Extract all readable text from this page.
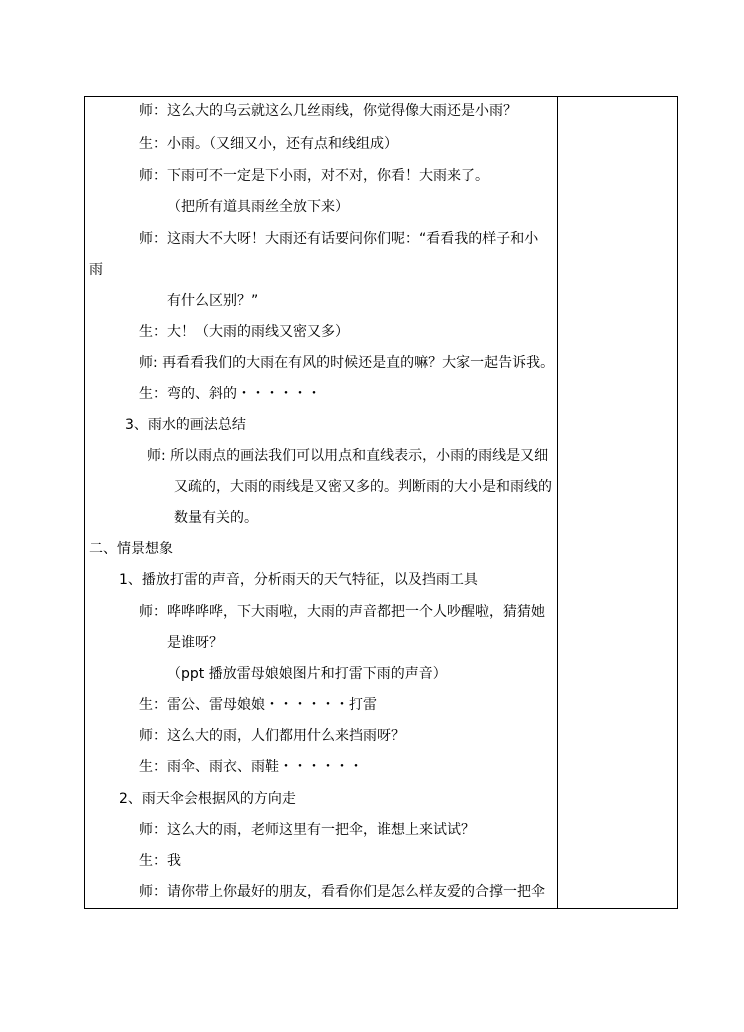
师：这么大的乌云就这么几丝雨线，你觉得像大雨还是小雨？
生：小雨。（又细又小，还有点和线组成）
师：下雨可不一定是下小雨，对不对，你看！大雨来了。
（把所有道具雨丝全放下来）
师：这雨大不大呀！大雨还有话要问你们呢：“看看我的样子和小
雨
有什么区别？”
生：大！（大雨的雨线又密又多）
师: 再看看我们的大雨在有风的时候还是直的嘛？大家一起告诉我。
生：弯的、斜的・・・・・・
3、雨水的画法总结
师: 所以雨点的画法我们可以用点和直线表示，小雨的雨线是又细
又疏的，大雨的雨线是又密又多的。判断雨的大小是和雨线的
数量有关的。
二、情景想象
1、播放打雷的声音，分析雨天的天气特征，以及挡雨工具
师：哗哗哗哗，下大雨啦，大雨的声音都把一个人吵醒啦，猜猜她
是谁呀？
（ppt 播放雷母娘娘图片和打雷下雨的声音）
生：雷公、雷母娘娘・・・・・・打雷
师：这么大的雨，人们都用什么来挡雨呀？
生：雨伞、雨衣、雨鞋・・・・・・
2、雨天伞会根据风的方向走
师：这么大的雨，老师这里有一把伞，谁想上来试试？
生：我
师：请你带上你最好的朋友，看看你们是怎么样友爱的合撑一把伞
